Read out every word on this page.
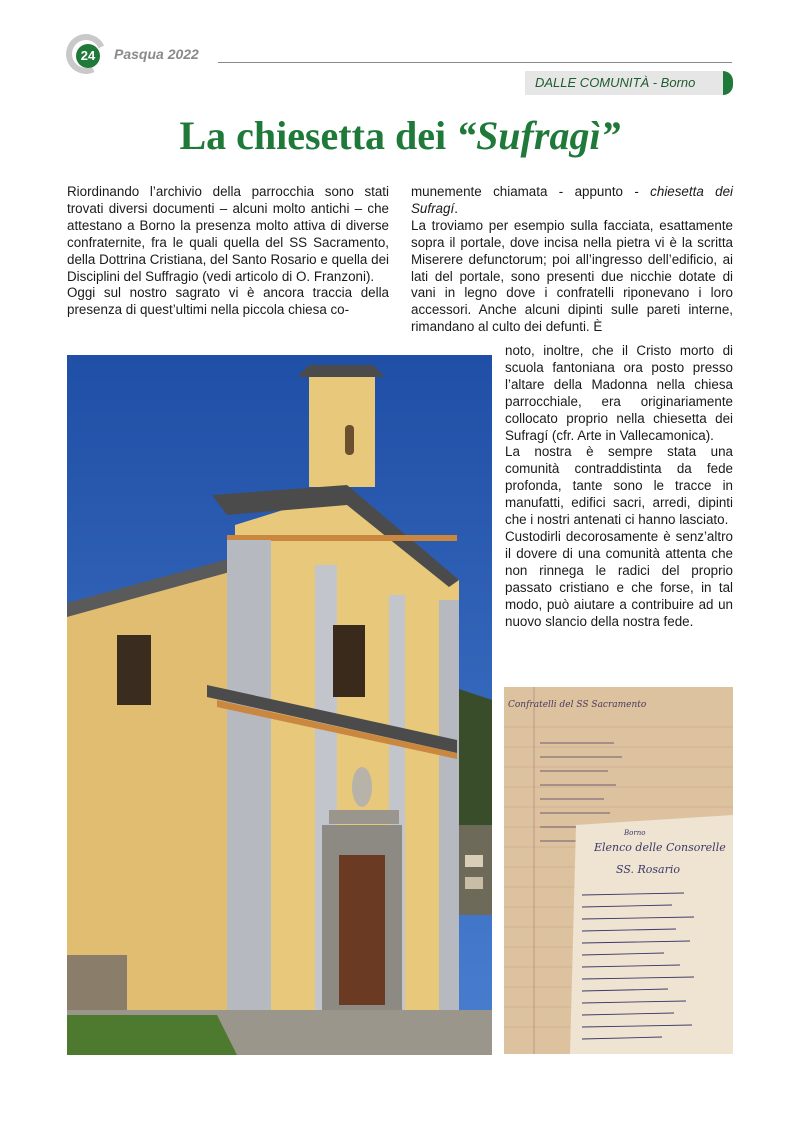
24	Pasqua 2022
DALLE COMUNITÀ - Borno
La chiesetta dei “Sufragì”

Riordinando l’archivio della parrocchia sono stati trovati diversi documenti – alcuni molto antichi – che attestano a Borno la presenza molto attiva di diverse confraternite, fra le quali quella del SS Sacramento, della Dottrina Cristiana, del Santo Rosario e quella dei Disciplini del Suffragio (vedi articolo di O. Franzoni).

Oggi sul nostro sagrato vi è ancora traccia della presenza di quest’ultimi nella piccola chiesa co-

munemente chiamata - appunto - chiesetta dei Sufragí.

La troviamo per esempio sulla facciata, esattamente sopra il portale, dove incisa nella pietra vi è la scritta Miserere defunctorum; poi all’ingresso dell’edificio, ai lati del portale, sono presenti due nicchie dotate di vani in legno dove i confratelli riponevano i loro accessori. Anche alcuni dipinti sulle pareti interne, rimandano al culto dei defunti. È

noto, inoltre, che il Cristo morto di scuola fantoniana ora posto presso l’altare della Madonna nella chiesa parrocchiale, era originariamente collocato proprio nella chiesetta dei Sufragí (cfr. Arte in Vallecamonica).

La nostra è sempre stata una comunità contraddistinta da fede profonda, tante sono le tracce in manufatti, edifici sacri, arredi, dipinti che i nostri antenati ci hanno lasciato.

Custodirli decorosamente è senz’altro il dovere di una comunità attenta che non rinnega le radici del proprio passato cristiano e che forse, in tal modo, può aiutare a contribuire ad un nuovo slancio della nostra fede.

Confratelli del SS Sacramento
Borno
Elenco delle Consorelle
SS. Rosario
